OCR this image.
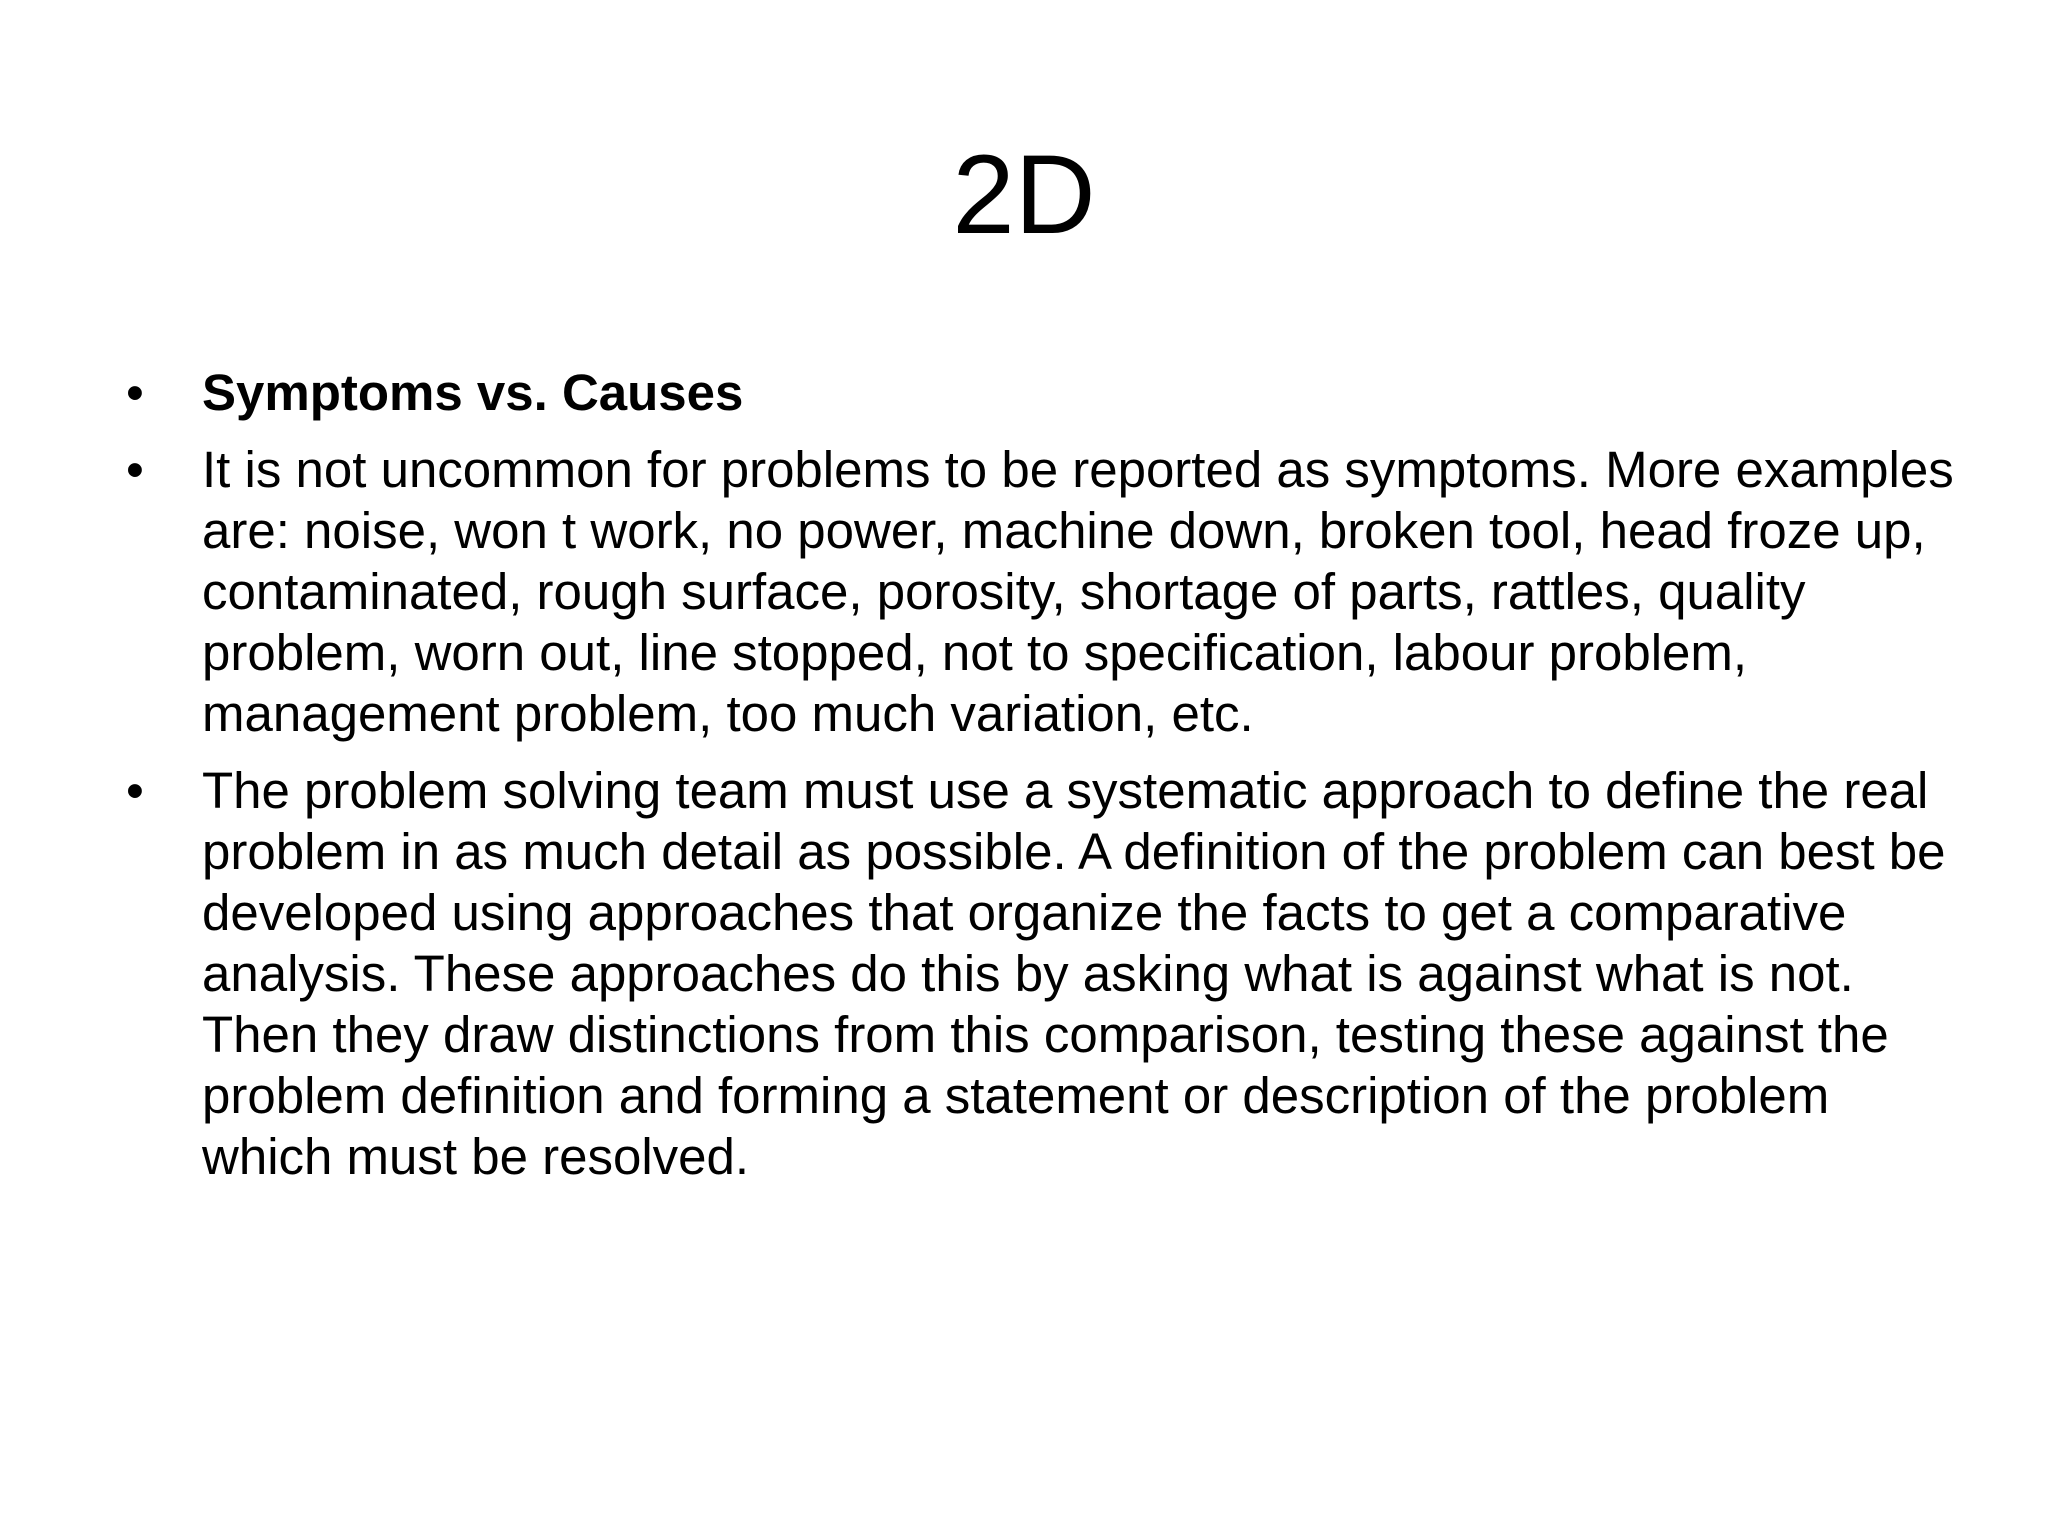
2D
• Symptoms vs. Causes
• It is not uncommon for problems to be reported as symptoms. More examples are: noise, won t work, no power, machine down, broken tool, head froze up, contaminated, rough surface, porosity, shortage of parts, rattles, quality problem, worn out, line stopped, not to specification, labour problem, management problem, too much variation, etc.
• The problem solving team must use a systematic approach to define the real problem in as much detail as possible. A definition of the problem can best be developed using approaches that organize the facts to get a comparative analysis. These approaches do this by asking what is against what is not. Then they draw distinctions from this comparison, testing these against the problem definition and forming a statement or description of the problem which must be resolved.
